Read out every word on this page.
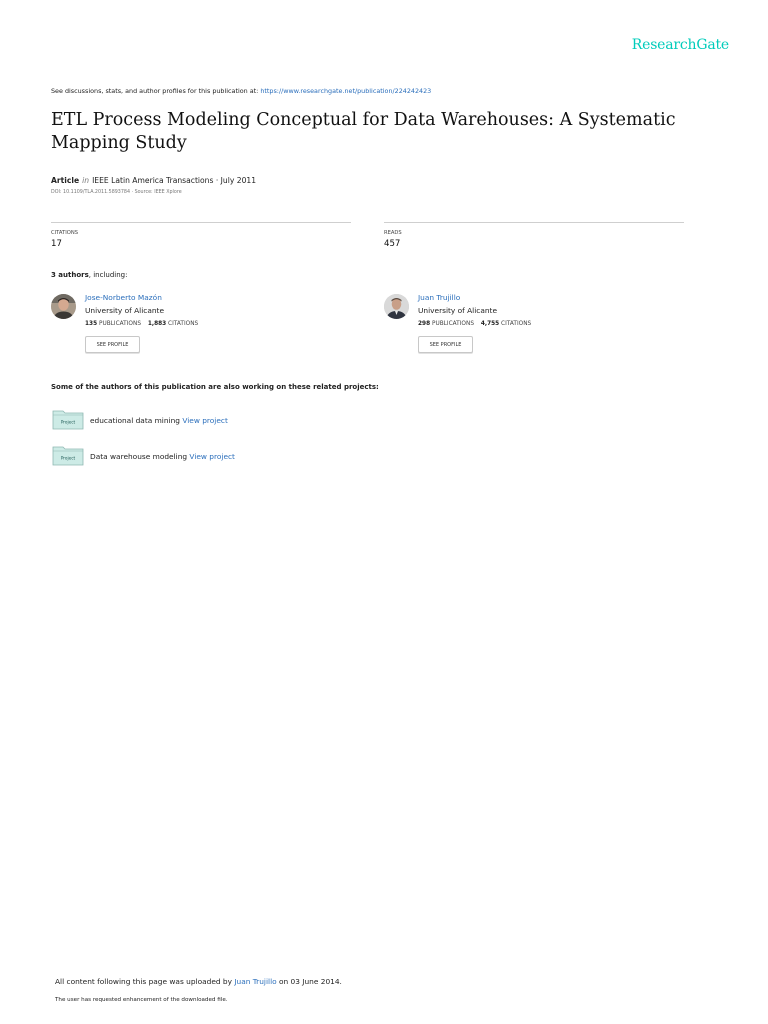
ResearchGate
See discussions, stats, and author profiles for this publication at: https://www.researchgate.net/publication/224242423
ETL Process Modeling Conceptual for Data Warehouses: A Systematic Mapping Study
Article in IEEE Latin America Transactions · July 2011
DOI: 10.1109/TLA.2011.5893784 · Source: IEEE Xplore
CITATIONS
17
READS
457
3 authors, including:
Jose-Norberto Mazón
University of Alicante
135 PUBLICATIONS 1,883 CITATIONS
SEE PROFILE
Juan Trujillo
University of Alicante
298 PUBLICATIONS 4,755 CITATIONS
SEE PROFILE
Some of the authors of this publication are also working on these related projects:
Project educational data mining View project
Project Data warehouse modeling View project
All content following this page was uploaded by Juan Trujillo on 03 June 2014.
The user has requested enhancement of the downloaded file.
